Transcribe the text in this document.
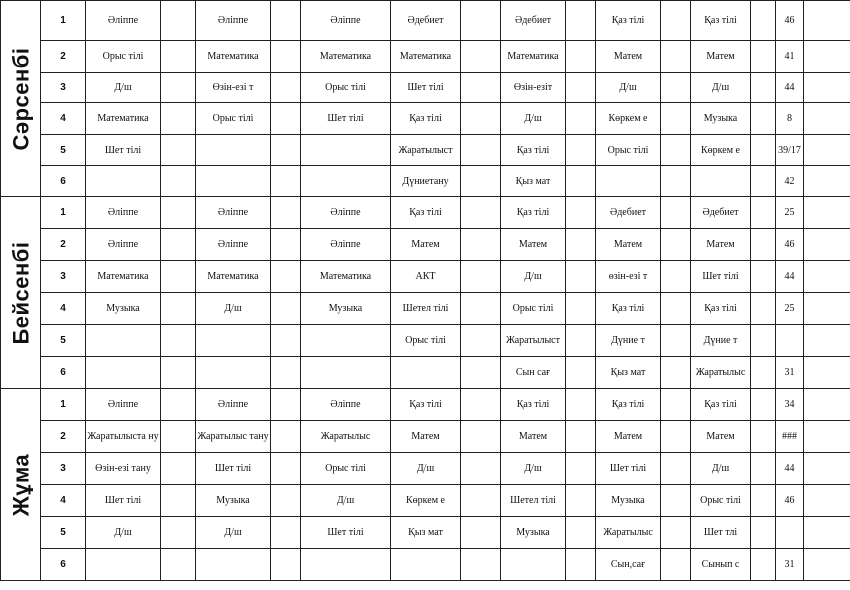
Сәрсенбі	1	Әліппе		Әліппе		Әліппе	Әдебиет		Әдебиет		Қаз тілі		Қаз тілі		46	
	2	Орыс тілі		Математика		Математика	Математика		Математика		Матем		Матем		41	
	3	Д/ш		Өзін-езі т		Орыс тілі	Шет тілі		Өзін-езіт		Д/ш		Д/ш		44	
	4	Математика		Орыс тілі		Шет тілі	Қаз тілі		Д/ш		Көркем е		Музыка		8	
	5	Шет тілі					Жаратылыст		Қаз тілі		Орыс тілі		Көркем е		39/17	
	6						Дүниетану		Қыз мат						42	

Бейсенбі	1	Әліппе		Әліппе		Әліппе	Қаз тілі		Қаз тілі		Әдебиет		Әдебиет		25	
	2	Әліппе		Әліппе		Әліппе	Матем		Матем		Матем		Матем		46	
	3	Математика		Математика		Математика	АКТ		Д/ш		өзін-езі т		Шет тілі		44	
	4	Музыка		Д/ш		Музыка	Шетел тілі		Орыс тілі		Қаз тілі		Қаз тілі		25	
	5						Орыс тілі		Жаратылыст		Дүние т		Дүние т			
	6								Сын сағ		Қыз мат		Жаратылыс		31	

Жұма	1	Әліппе		Әліппе		Әліппе	Қаз тілі		Қаз тілі		Қаз тілі		Қаз тілі		34	
	2	Жаратылыста ну		Жаратылыс тану		Жаратылыс	Матем		Матем		Матем		Матем		###	
	3	Өзін-езі тану		Шет тілі		Орыс тілі	Д/ш		Д/ш		Шет тілі		Д/ш		44	
	4	Шет тілі		Музыка		Д/ш	Көркем е		Шетел тілі		Музыка		Орыс тілі		46	
	5	Д/ш		Д/ш		Шет тілі	Қыз мат		Музыка		Жаратылыс		Шет тлі			
	6										Сын,сағ		Сынып с		31	
